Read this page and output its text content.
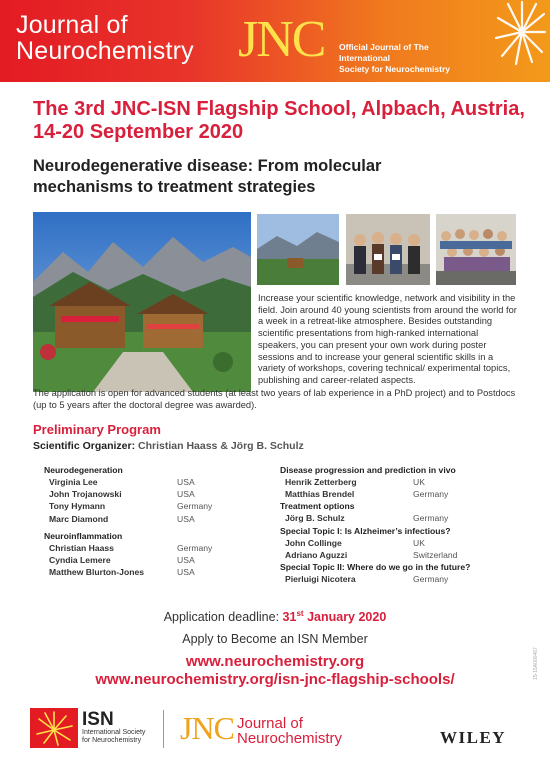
Journal of
Neurochemistry JNC Official Journal of The International
Society for Neurochemistry
The 3rd JNC-ISN Flagship School, Alpbach, Austria,
14-20 September 2020
Neurodegenerative disease: From molecular
mechanisms to treatment strategies
Increase your scientific knowledge, network and visibility in the field. Join around 40 young scientists from around the world for a week in a retreat-like atmosphere. Besides outstanding scientific presentations from high-ranked international speakers, you can present your own work during poster sessions and to increase your general scientific skills in a variety of workshops, covering technical/ experimental topics, publishing and career-related aspects.
The application is open for advanced students (at least two years of lab experience in a PhD project) and to Postdocs (up to 5 years after the doctoral degree was awarded).
Preliminary Program
Scientific Organizer: Christian Haass & Jörg B. Schulz
Neurodegeneration
Virginia Lee	USA
John Trojanowski	USA
Tony Hymann	Germany
Marc Diamond	USA
Neuroinflammation
Christian Haass	Germany
Cyndia Lemere	USA
Matthew Blurton-Jones	USA
Disease progression and prediction in vivo
Henrik Zetterberg	UK
Matthias Brendel	Germany
Treatment options
Jörg B. Schulz	Germany
Special Topic I: Is Alzheimer’s infectious?
John Collinge	UK
Adriano Aguzzi	Switzerland
Special Topic II: Where do we go in the future?
Pierluigi Nicotera	Germany
Application deadline: 31st January 2020
Apply to Become an ISN Member
www.neurochemistry.org
www.neurochemistry.org/isn-jnc-flagship-schools/
ISN
International Society
for Neurochemistry JNC Journal of
Neurochemistry	WILEY
15-15A000467
